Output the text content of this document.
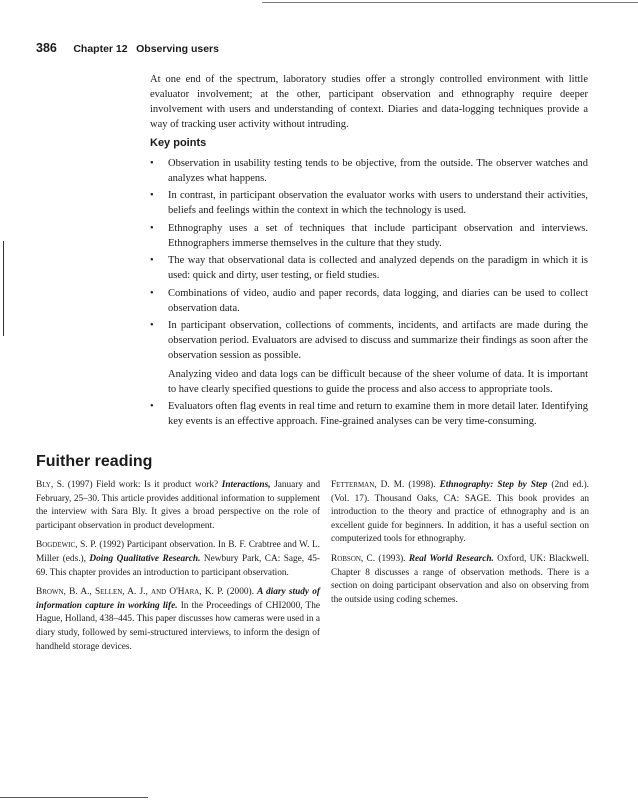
386 Chapter 12 Observing users

At one end of the spectrum, laboratory studies offer a strongly controlled environment with little evaluator involvement; at the other, participant observation and ethnography require deeper involvement with users and understanding of context. Diaries and data-logging techniques provide a way of tracking user activity without intruding.

Key points
• Observation in usability testing tends to be objective, from the outside. The observer watches and analyzes what happens.
• In contrast, in participant observation the evaluator works with users to understand their activities, beliefs and feelings within the context in which the technology is used.
• Ethnography uses a set of techniques that include participant observation and interviews. Ethnographers immerse themselves in the culture that they study.
• The way that observational data is collected and analyzed depends on the paradigm in which it is used: quick and dirty, user testing, or field studies.
• Combinations of video, audio and paper records, data logging, and diaries can be used to collect observation data.
• In participant observation, collections of comments, incidents, and artifacts are made during the observation period. Evaluators are advised to discuss and summarize their findings as soon after the observation session as possible.

Analyzing video and data logs can be difficult because of the sheer volume of data. It is important to have clearly specified questions to guide the process and also access to appropriate tools.

• Evaluators often flag events in real time and return to examine them in more detail later. Identifying key events is an effective approach. Fine-grained analyses can be very time-consuming.
Fuither reading

Bly, S. (1997) Field work: Is it product work? Interactions, January and February, 25–30. This article provides additional information to supplement the interview with Sara Bly. It gives a broad perspective on the role of participant observation in product development.

Bogdewic, S. P. (1992) Participant observation. In B. F. Crabtree and W. L. Miller (eds.), Doing Qualitative Research. Newbury Park, CA: Sage, 45-69. This chapter provides an introduction to participant observation.

Brown, B. A., Sellen, A. J., and O'Hara, K. P. (2000). A diary study of information capture in working life. In the Proceedings of CHI2000, The Hague, Holland, 438–445. This paper discusses how cameras were used in a diary study, followed by semi-structured interviews, to inform the design of handheld storage devices.

Fetterman, D. M. (1998). Ethnography: Step by Step (2nd ed.). (Vol. 17). Thousand Oaks, CA: SAGE. This book provides an introduction to the theory and practice of ethnography and is an excellent guide for beginners. In addition, it has a useful section on computerized tools for ethnography.

Robson, C. (1993). Real World Research. Oxford, UK: Blackwell. Chapter 8 discusses a range of observation methods. There is a section on doing participant observation and also on observing from the outside using coding schemes.
